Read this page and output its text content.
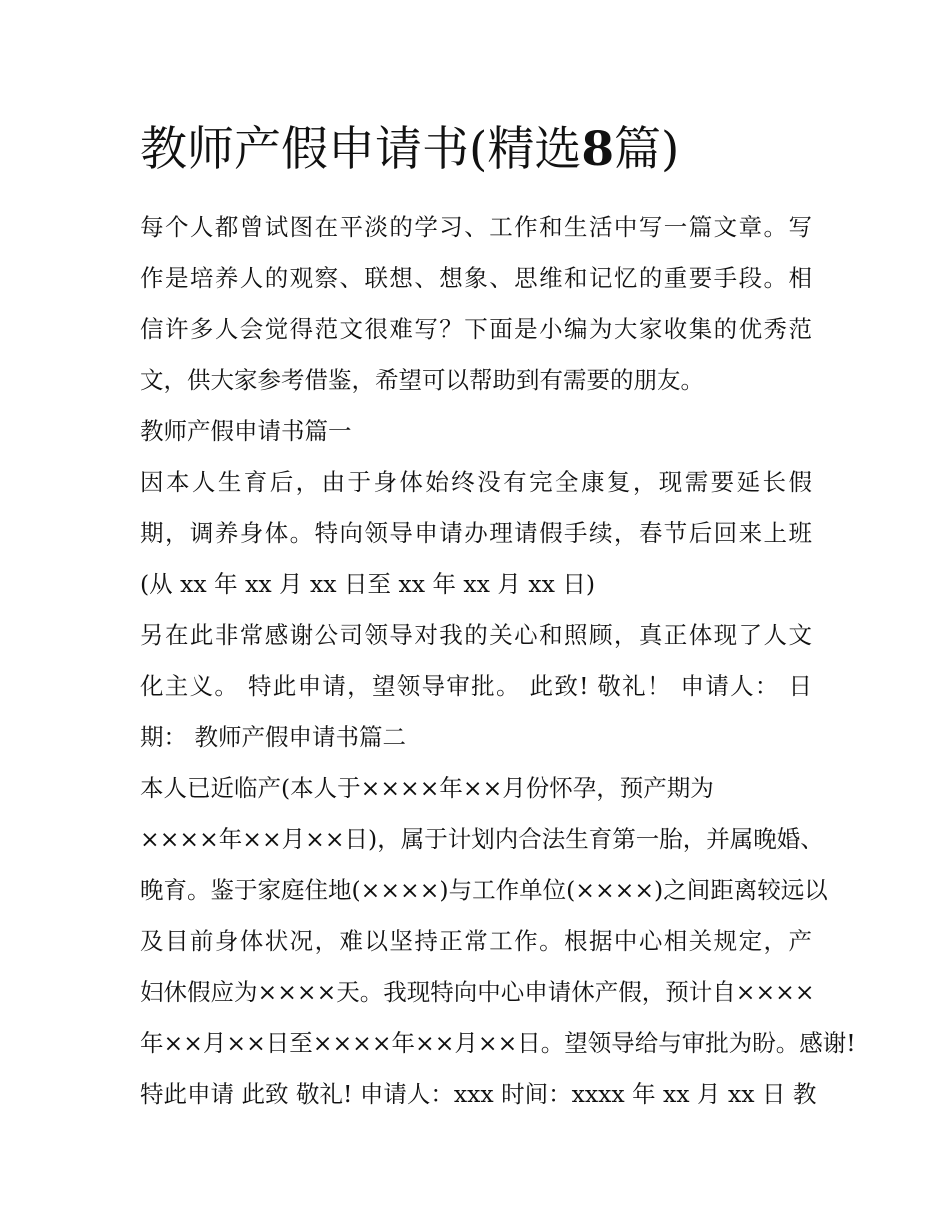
教师产假申请书(精选8篇)

每个人都曾试图在平淡的学习、工作和生活中写一篇文章。写
作是培养人的观察、联想、想象、思维和记忆的重要手段。相
信许多人会觉得范文很难写？下面是小编为大家收集的优秀范
文，供大家参考借鉴，希望可以帮助到有需要的朋友。

教师产假申请书篇一

因本人生育后，由于身体始终没有完全康复，现需要延长假
期，调养身体。特向领导申请办理请假手续，春节后回来上班
(从 xx 年 xx 月 xx 日至 xx 年 xx 月 xx 日)

另在此非常感谢公司领导对我的关心和照顾，真正体现了人文
化主义。 特此申请，望领导审批。 此致! 敬礼！ 申请人： 日
期： 教师产假申请书篇二

本人已近临产(本人于××××年××月份怀孕，预产期为
××××年××月××日)，属于计划内合法生育第一胎，并属晚婚、
晚育。鉴于家庭住地(××××)与工作单位(××××)之间距离较远以
及目前身体状况，难以坚持正常工作。根据中心相关规定，产
妇休假应为××××天。我现特向中心申请休产假，预计自××××
年××月××日至××××年××月××日。望领导给与审批为盼。感谢!
特此申请 此致 敬礼! 申请人：xxx 时间：xxxx 年 xx 月 xx 日 教
